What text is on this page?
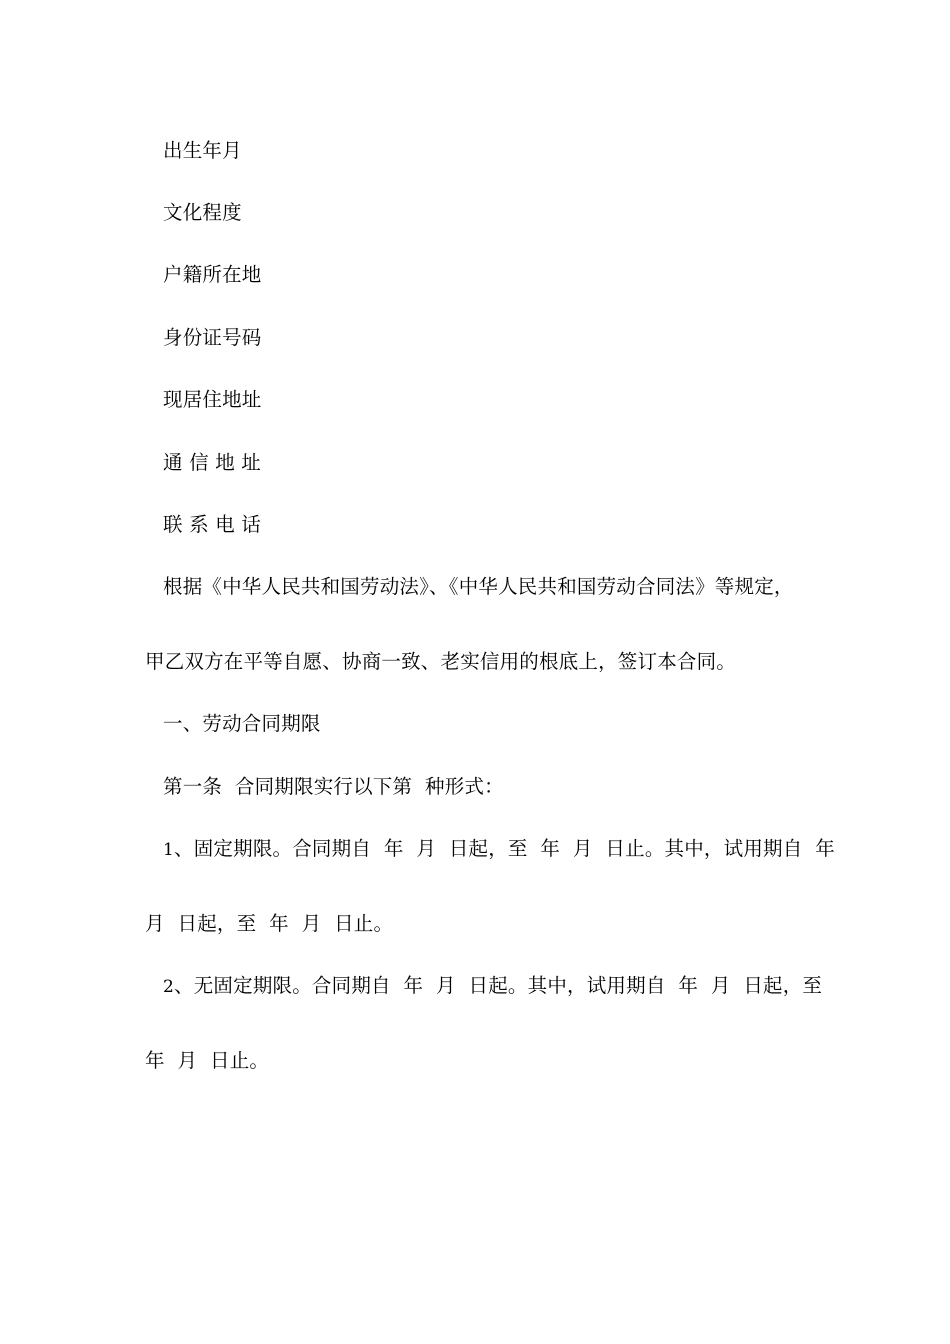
出生年月
文化程度
户籍所在地
身份证号码
现居住地址
通 信 地 址
联 系 电 话
根据《中华人民共和国劳动法》、《中华人民共和国劳动合同法》等规定，
甲乙双方在平等自愿、协商一致、老实信用的根底上，签订本合同。
一、劳动合同期限
第一条  合同期限实行以下第  种形式：
1、固定期限。合同期自  年  月  日起，至  年  月  日止。其中，试用期自  年
月  日起，至  年  月  日止。
2、无固定期限。合同期自  年  月  日起。其中，试用期自  年  月  日起，至
年  月  日止。
